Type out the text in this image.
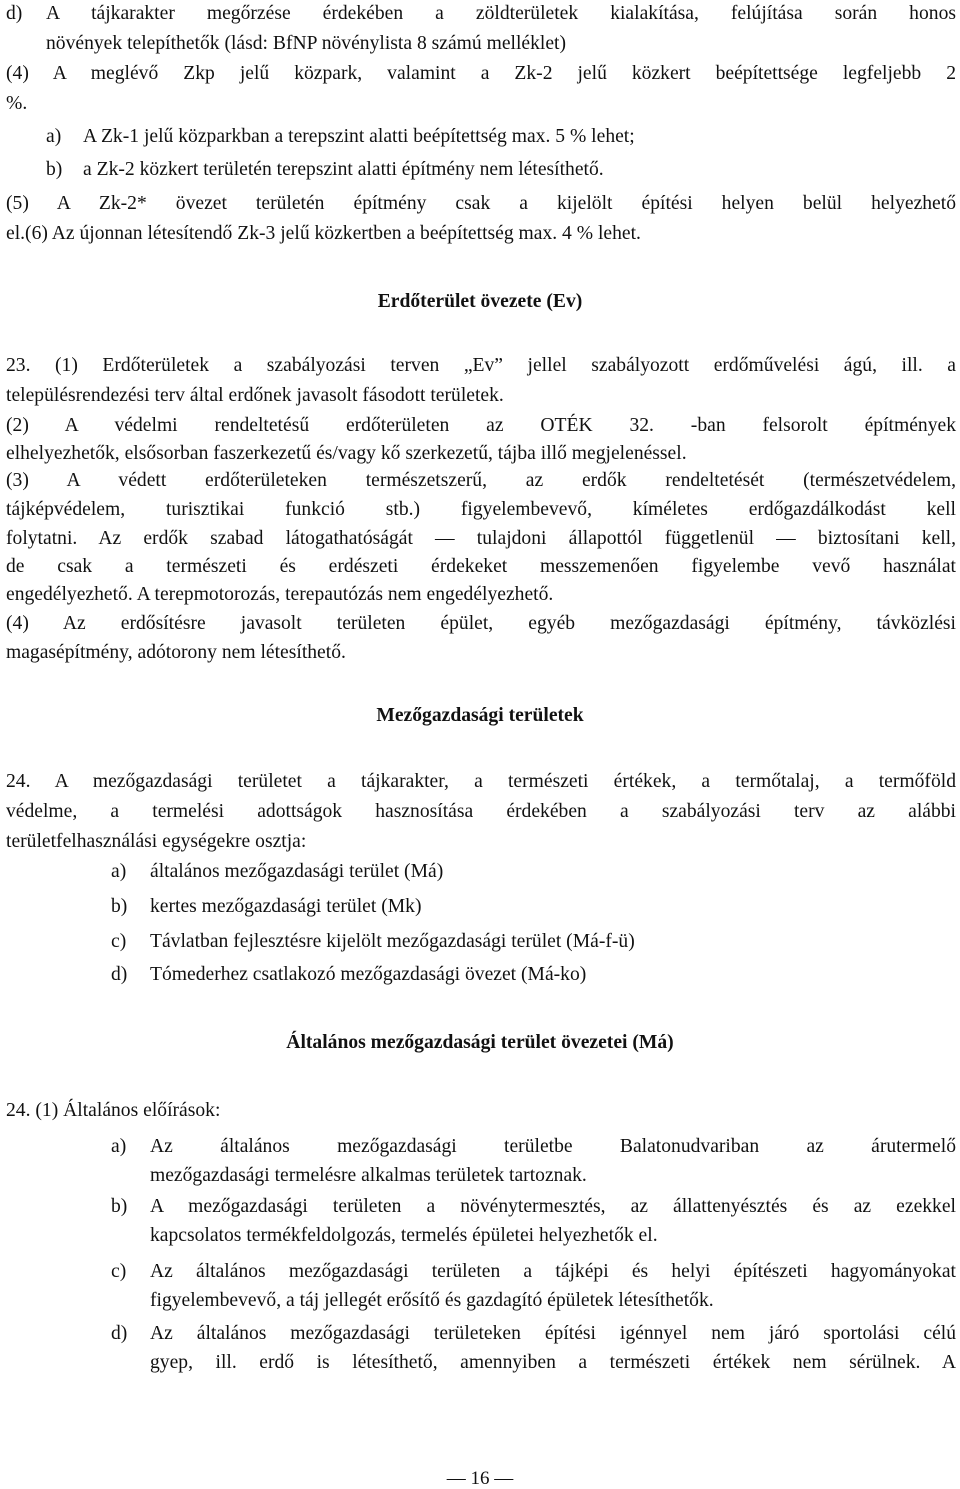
d) A tájkarakter megőrzése érdekében a zöldterületek kialakítása, felújítása során honos
növények telepíthetők (lásd: BfNP növénylista 8 számú melléklet)
(4) A meglévő Zkp jelű közpark, valamint a Zk-2 jelű közkert beépítettsége legfeljebb 2
%.
a) A Zk-1 jelű közparkban a terepszint alatti beépítettség max. 5 % lehet;
b) a Zk-2 közkert területén terepszint alatti építmény nem létesíthető.
(5) A Zk-2* övezet területén építmény csak a kijelölt építési helyen belül helyezhető
el.(6) Az újonnan létesítendő Zk-3 jelű közkertben a beépítettség max. 4 % lehet.
Erdőterület övezete (Ev)
23. (1) Erdőterületek a szabályozási terven „Ev” jellel szabályozott erdőművelési ágú, ill. a
településrendezési terv által erdőnek javasolt fásodott területek.
(2) A védelmi rendeltetésű erdőterületen az OTÉK 32. -ban felsorolt építmények
elhelyezhetők, elsősorban faszerkezetű és/vagy kő szerkezetű, tájba illő megjelenéssel.
(3) A védett erdőterületeken természetszerű, az erdők rendeltetését (természetvédelem,
tájképvédelem, turisztikai funkció stb.) figyelembevevő, kíméletes erdőgazdálkodást kell
folytatni. Az erdők szabad látogathatóságát — tulajdoni állapottól függetlenül — biztosítani kell,
de csak a természeti és erdészeti érdekeket messzemenően figyelembe vevő használat
engedélyezhető. A terepmotorozás, terepautózás nem engedélyezhető.
(4) Az erdősítésre javasolt területen épület, egyéb mezőgazdasági építmény, távközlési
magasépítmény, adótorony nem létesíthető.
Mezőgazdasági területek
24. A mezőgazdasági területet a tájkarakter, a természeti értékek, a termőtalaj, a termőföld
védelme, a termelési adottságok hasznosítása érdekében a szabályozási terv az alábbi
területfelhasználási egységekre osztja:
a) általános mezőgazdasági terület (Má)
b) kertes mezőgazdasági terület (Mk)
c) Távlatban fejlesztésre kijelölt mezőgazdasági terület (Má-f-ü)
d) Tómederhez csatlakozó mezőgazdasági övezet (Má-ko)
Általános mezőgazdasági terület övezetei (Má)
24. (1) Általános előírások:
a) Az általános mezőgazdasági területbe Balatonudvariban az árutermelő
mezőgazdasági termelésre alkalmas területek tartoznak.
b) A mezőgazdasági területen a növénytermesztés, az állattenyésztés és az ezekkel
kapcsolatos termékfeldolgozás, termelés épületei helyezhetők el.
c) Az általános mezőgazdasági területen a tájképi és helyi építészeti hagyományokat
figyelembevevő, a táj jellegét erősítő és gazdagító épületek létesíthetők.
d) Az általános mezőgazdasági területeken építési igénnyel nem járó sportolási célú
gyep, ill. erdő is létesíthető, amennyiben a természeti értékek nem sérülnek. A
— 16 —
